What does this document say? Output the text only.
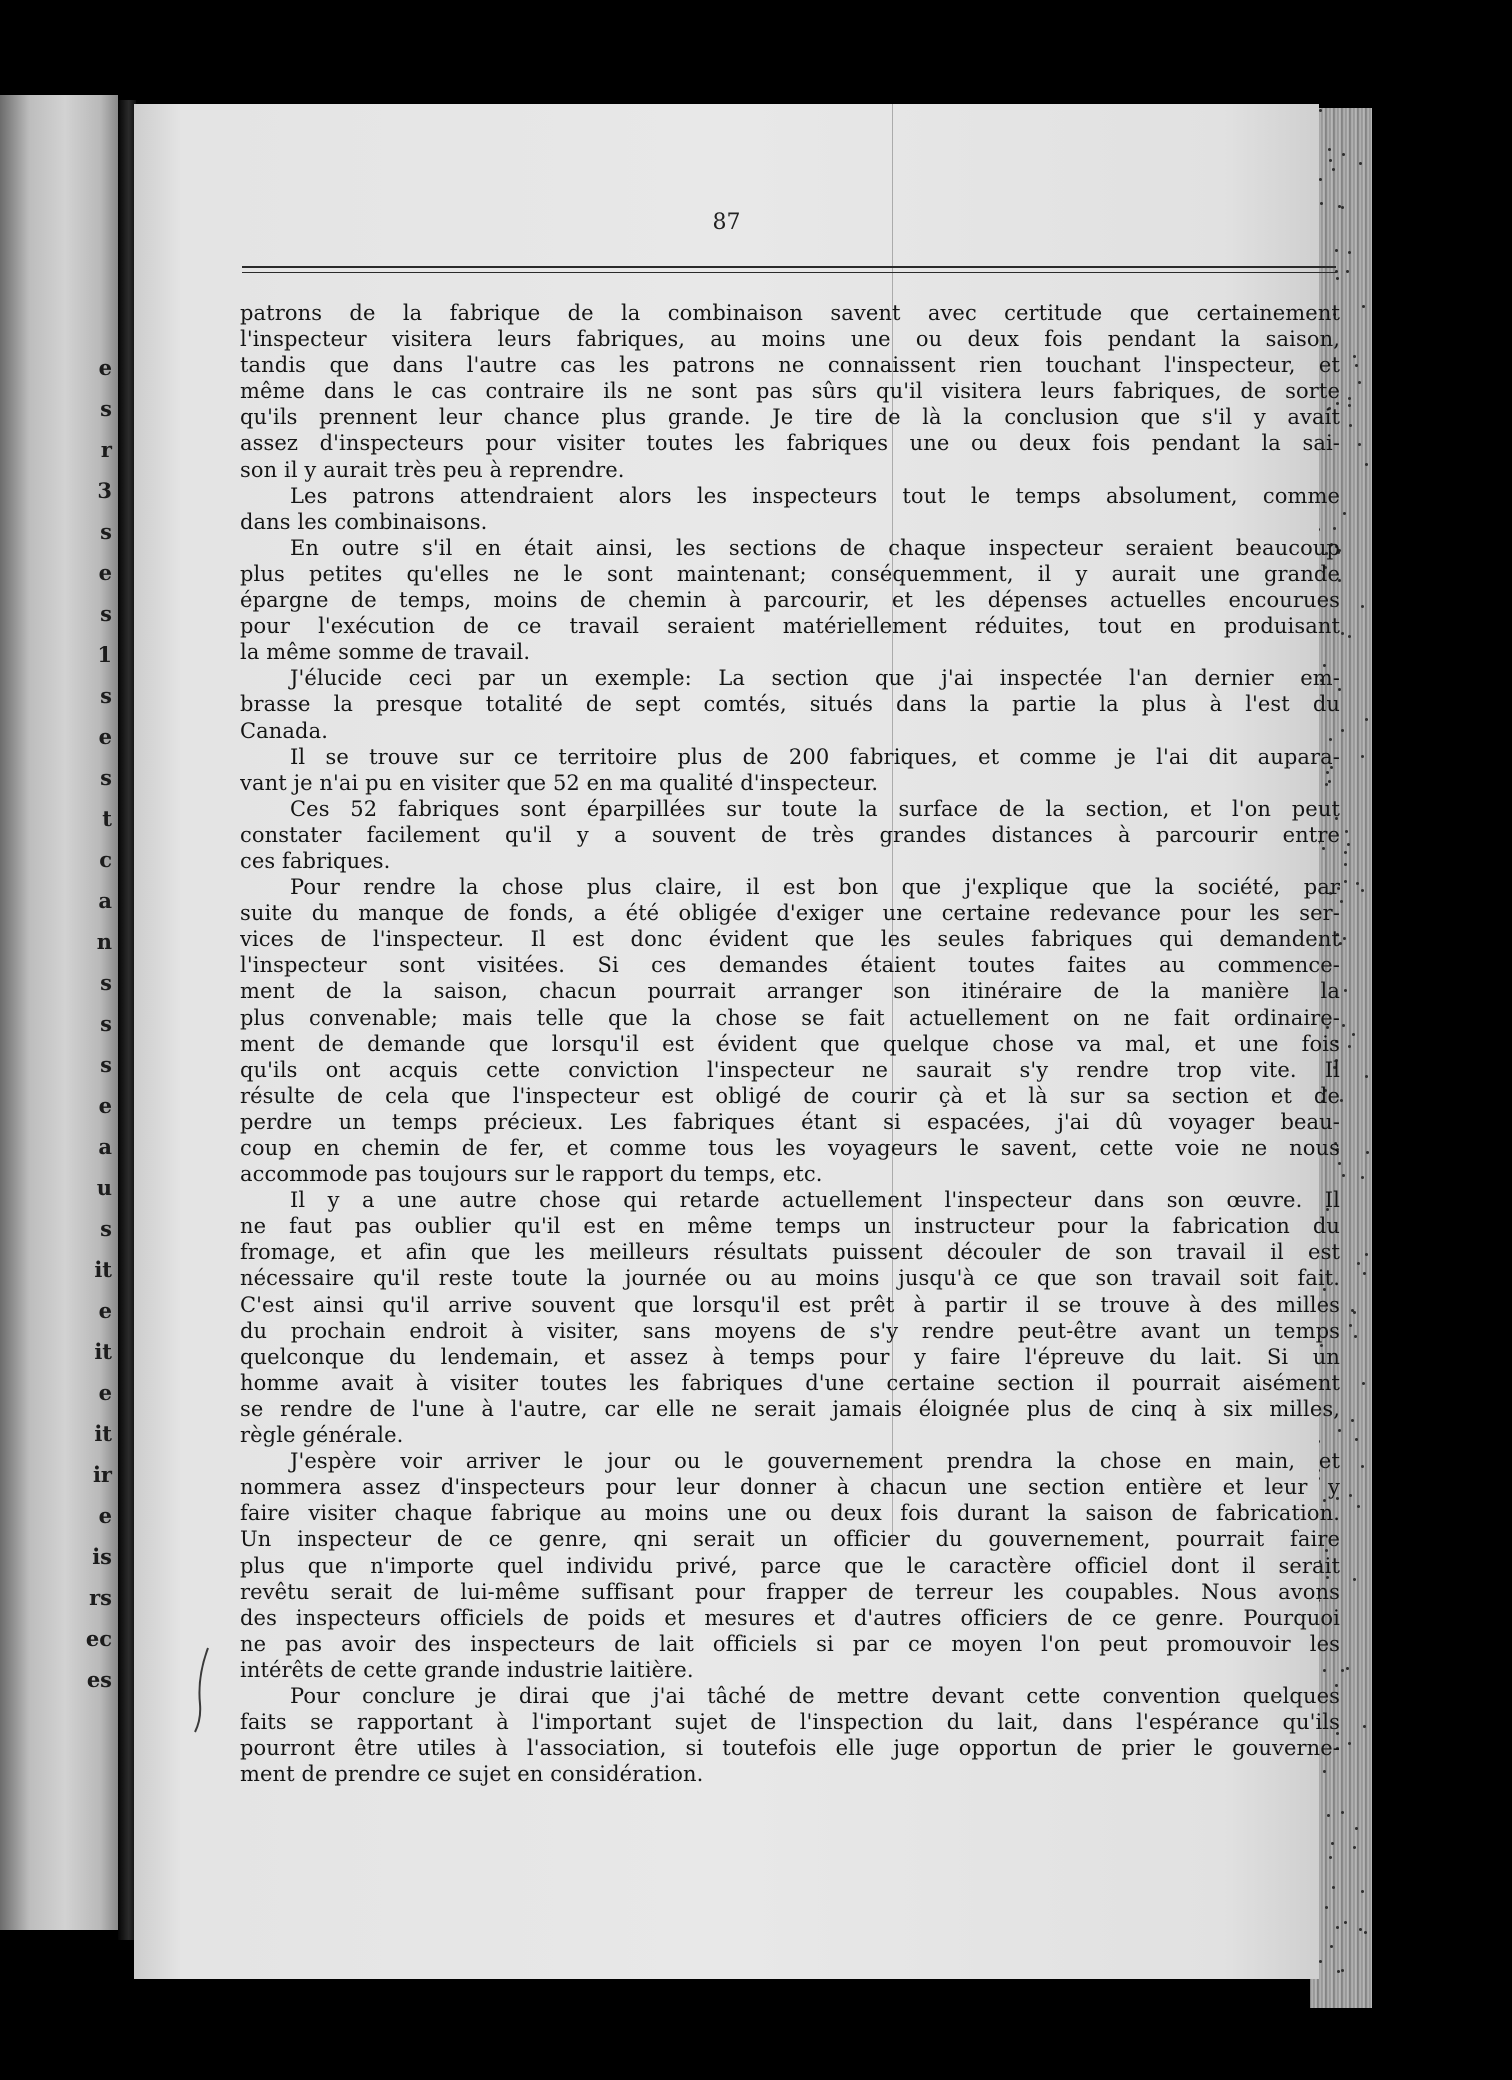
e
s
r
3
s
e
s
1
s
e
s
t
c
a
n
s
s
s
e
a
u
s
it
e
it
e
it
ir
e
is
rs
ec
es
87
patrons de la fabrique de la combinaison savent avec certitude que certainement
l'inspecteur visitera leurs fabriques, au moins une ou deux fois pendant la saison,
tandis que dans l'autre cas les patrons ne connaissent rien touchant l'inspecteur, et
même dans le cas contraire ils ne sont pas sûrs qu'il visitera leurs fabriques, de sorte
qu'ils prennent leur chance plus grande. Je tire de là la conclusion que s'il y avait
assez d'inspecteurs pour visiter toutes les fabriques une ou deux fois pendant la sai-
son il y aurait très peu à reprendre.
Les patrons attendraient alors les inspecteurs tout le temps absolument, comme
dans les combinaisons.
En outre s'il en était ainsi, les sections de chaque inspecteur seraient beaucoup
plus petites qu'elles ne le sont maintenant; conséquemment, il y aurait une grande
épargne de temps, moins de chemin à parcourir, et les dépenses actuelles encourues
pour l'exécution de ce travail seraient matériellement réduites, tout en produisant
la même somme de travail.
J'élucide ceci par un exemple: La section que j'ai inspectée l'an dernier em-
brasse la presque totalité de sept comtés, situés dans la partie la plus à l'est du
Canada.
Il se trouve sur ce territoire plus de 200 fabriques, et comme je l'ai dit aupara-
vant je n'ai pu en visiter que 52 en ma qualité d'inspecteur.
Ces 52 fabriques sont éparpillées sur toute la surface de la section, et l'on peut
constater facilement qu'il y a souvent de très grandes distances à parcourir entre
ces fabriques.
Pour rendre la chose plus claire, il est bon que j'explique que la société, par
suite du manque de fonds, a été obligée d'exiger une certaine redevance pour les ser-
vices de l'inspecteur. Il est donc évident que les seules fabriques qui demandent
l'inspecteur sont visitées. Si ces demandes étaient toutes faites au commence-
ment de la saison, chacun pourrait arranger son itinéraire de la manière la
plus convenable; mais telle que la chose se fait actuellement on ne fait ordinaire-
ment de demande que lorsqu'il est évident que quelque chose va mal, et une fois
qu'ils ont acquis cette conviction l'inspecteur ne saurait s'y rendre trop vite. Il
résulte de cela que l'inspecteur est obligé de courir çà et là sur sa section et de
perdre un temps précieux. Les fabriques étant si espacées, j'ai dû voyager beau-
coup en chemin de fer, et comme tous les voyageurs le savent, cette voie ne nous
accommode pas toujours sur le rapport du temps, etc.
Il y a une autre chose qui retarde actuellement l'inspecteur dans son œuvre. Il
ne faut pas oublier qu'il est en même temps un instructeur pour la fabrication du
fromage, et afin que les meilleurs résultats puissent découler de son travail il est
nécessaire qu'il reste toute la journée ou au moins jusqu'à ce que son travail soit fait.
C'est ainsi qu'il arrive souvent que lorsqu'il est prêt à partir il se trouve à des milles
du prochain endroit à visiter, sans moyens de s'y rendre peut-être avant un temps
quelconque du lendemain, et assez à temps pour y faire l'épreuve du lait. Si un
homme avait à visiter toutes les fabriques d'une certaine section il pourrait aisément
se rendre de l'une à l'autre, car elle ne serait jamais éloignée plus de cinq à six milles,
règle générale.
J'espère voir arriver le jour ou le gouvernement prendra la chose en main, et
nommera assez d'inspecteurs pour leur donner à chacun une section entière et leur y
faire visiter chaque fabrique au moins une ou deux fois durant la saison de fabrication.
Un inspecteur de ce genre, qni serait un officier du gouvernement, pourrait faire
plus que n'importe quel individu privé, parce que le caractère officiel dont il serait
revêtu serait de lui-même suffisant pour frapper de terreur les coupables. Nous avons
des inspecteurs officiels de poids et mesures et d'autres officiers de ce genre. Pourquoi
ne pas avoir des inspecteurs de lait officiels si par ce moyen l'on peut promouvoir les
intérêts de cette grande industrie laitière.
Pour conclure je dirai que j'ai tâché de mettre devant cette convention quelques
faits se rapportant à l'important sujet de l'inspection du lait, dans l'espérance qu'ils
pourront être utiles à l'association, si toutefois elle juge opportun de prier le gouverne-
ment de prendre ce sujet en considération.
